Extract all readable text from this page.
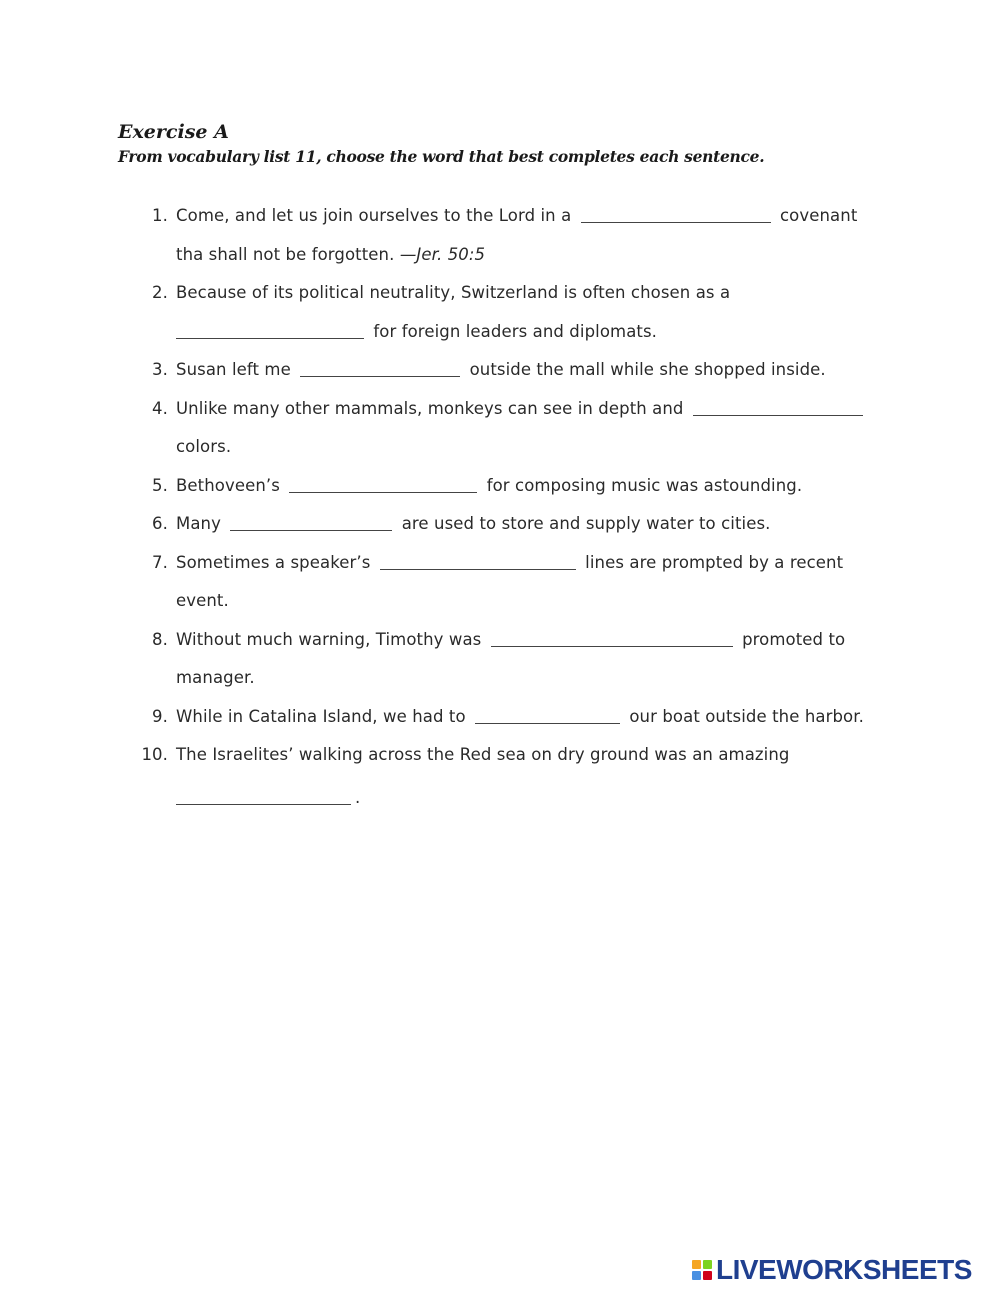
Exercise A
From vocabulary list 11, choose the word that best completes each sentence.
1. Come, and let us join ourselves to the Lord in a	covenant
tha shall not be forgotten. —Jer. 50:5
2. Because of its political neutrality, Switzerland is often chosen as a
for foreign leaders and diplomats.
3. Susan left me	outside the mall while she shopped inside.
4. Unlike many other mammals, monkeys can see in depth and
colors.
5. Bethoveen’s	for composing music was astounding.
6. Many	are used to store and supply water to cities.
7. Sometimes a speaker’s	lines are prompted by a recent
event.
8. Without much warning, Timothy was	promoted to
manager.
9. While in Catalina Island, we had to	our boat outside the harbor.
10. The Israelites’ walking across the Red sea on dry ground was an amazing
.
LIVEWORKSHEETS
